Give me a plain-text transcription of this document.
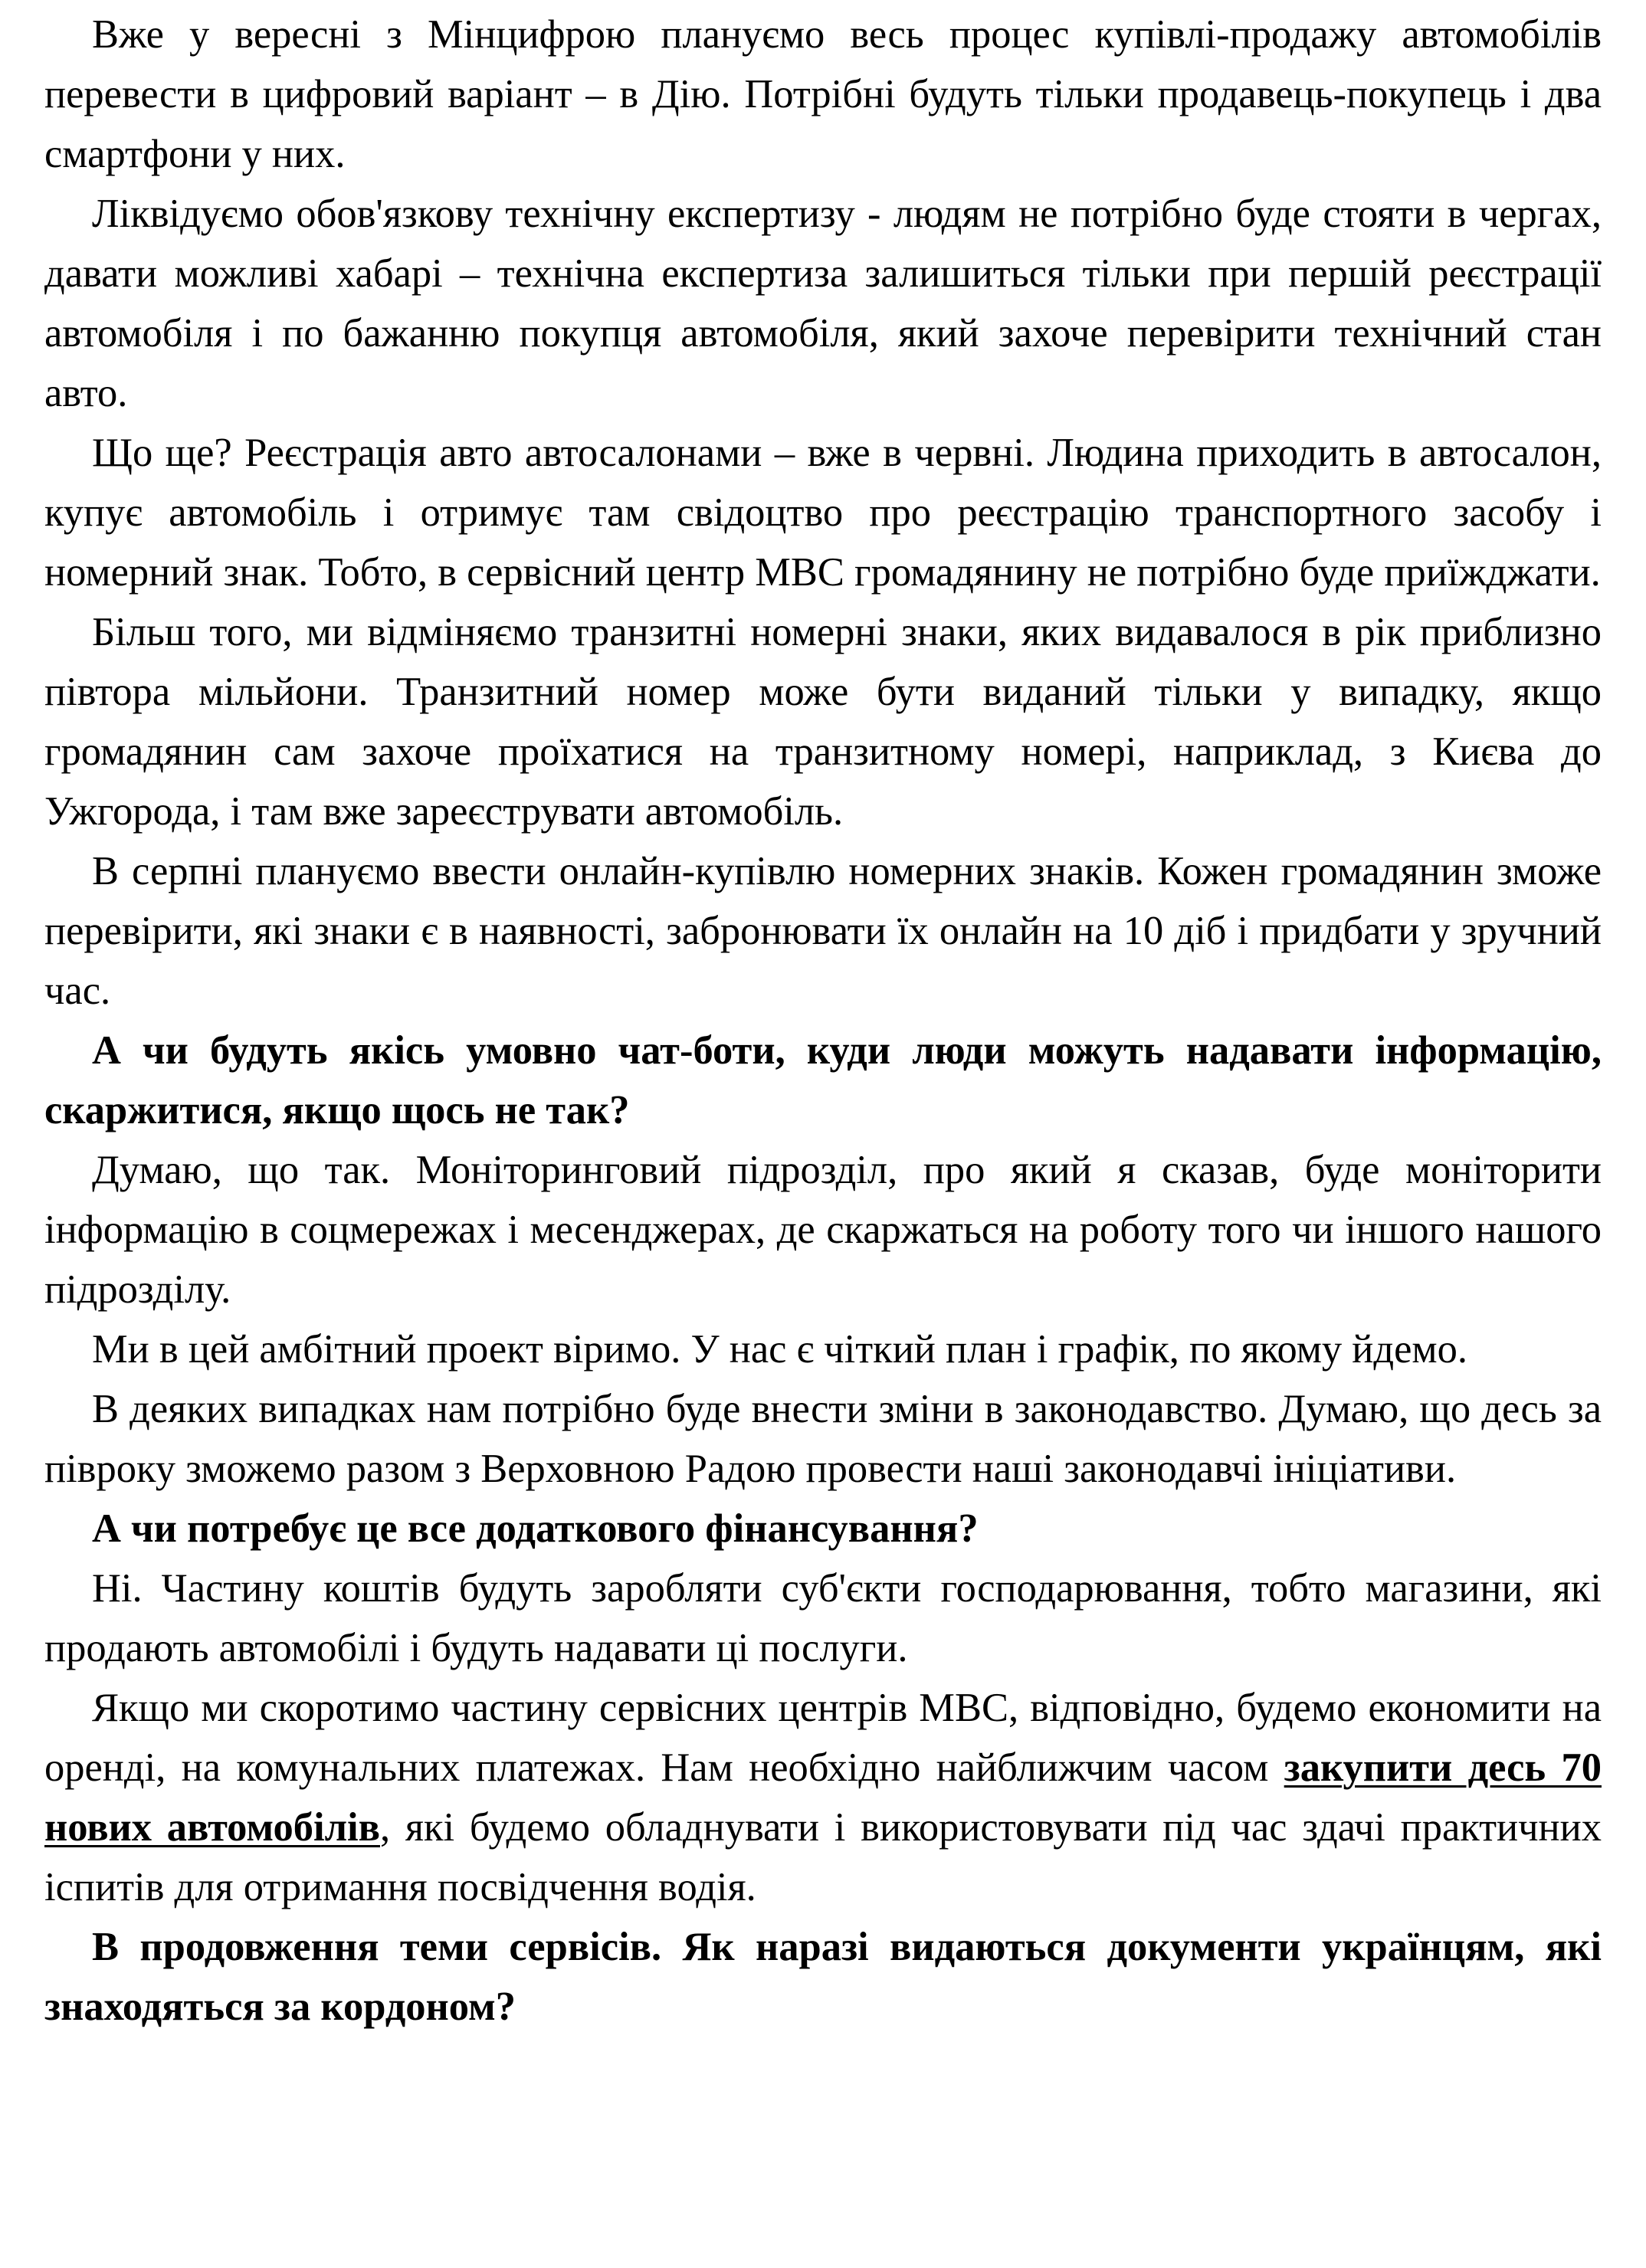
Вже у вересні з Мінцифрою плануємо весь процес купівлі-продажу автомобілів перевести в цифровий варіант – в Дію. Потрібні будуть тільки продавець-покупець і два смартфони у них.

Ліквідуємо обов'язкову технічну експертизу - людям не потрібно буде стояти в чергах, давати можливі хабарі – технічна експертиза залишиться тільки при першій реєстрації автомобіля і по бажанню покупця автомобіля, який захоче перевірити технічний стан авто.

Що ще? Реєстрація авто автосалонами – вже в червні. Людина приходить в автосалон, купує автомобіль і отримує там свідоцтво про реєстрацію транспортного засобу і номерний знак. Тобто, в сервісний центр МВС громадянину не потрібно буде приїжджати.

Більш того, ми відміняємо транзитні номерні знаки, яких видавалося в рік приблизно півтора мільйони. Транзитний номер може бути виданий тільки у випадку, якщо громадянин сам захоче проїхатися на транзитному номері, наприклад, з Києва до Ужгорода, і там вже зареєструвати автомобіль.

В серпні плануємо ввести онлайн-купівлю номерних знаків. Кожен громадянин зможе перевірити, які знаки є в наявності, забронювати їх онлайн на 10 діб і придбати у зручний час.

А чи будуть якісь умовно чат-боти, куди люди можуть надавати інформацію, скаржитися, якщо щось не так?

Думаю, що так. Моніторинговий підрозділ, про який я сказав, буде моніторити інформацію в соцмережах і месенджерах, де скаржаться на роботу того чи іншого нашого підрозділу.

Ми в цей амбітний проект віримо. У нас є чіткий план і графік, по якому йдемо.

В деяких випадках нам потрібно буде внести зміни в законодавство. Думаю, що десь за півроку зможемо разом з Верховною Радою провести наші законодавчі ініціативи.

А чи потребує це все додаткового фінансування?

Ні. Частину коштів будуть заробляти суб'єкти господарювання, тобто магазини, які продають автомобілі і будуть надавати ці послуги.

Якщо ми скоротимо частину сервісних центрів МВС, відповідно, будемо економити на оренді, на комунальних платежах. Нам необхідно найближчим часом закупити десь 70 нових автомобілів, які будемо обладнувати і використовувати під час здачі практичних іспитів для отримання посвідчення водія.

В продовження теми сервісів. Як наразі видаються документи українцям, які знаходяться за кордоном?
